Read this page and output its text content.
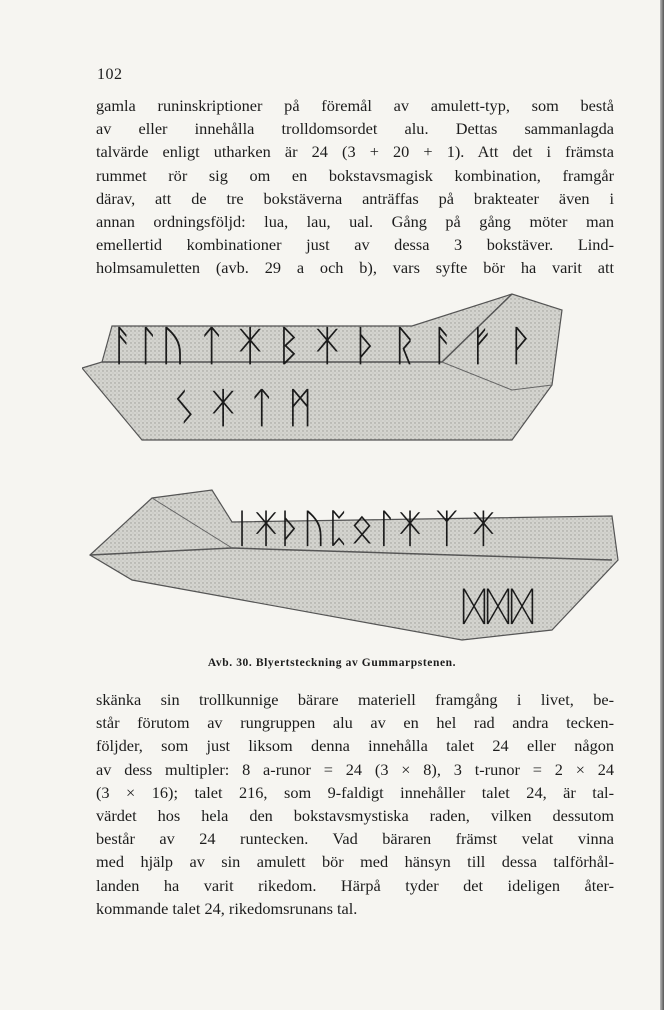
102
gamla runinskriptioner på föremål av amulett-typ, som bestå
av eller innehålla trolldomsordet alu. Dettas sammanlagda
talvärde enligt utharken är 24 (3 + 20 + 1). Att det i främsta
rummet rör sig om en bokstavsmagisk kombination, framgår
därav, att de tre bokstäverna anträffas på brakteater även i
annan ordningsföljd: lua, lau, ual. Gång på gång möter man
emellertid kombinationer just av dessa 3 bokstäver. Lind-
holmsamuletten (avb. 29 a och b), vars syfte bör ha varit att
ᚨᛚᚢ ᛏ ᛡ ᛒ ᛡ ᚦ ᚱ ᚨ ᚠ ᚹ
ᛊ ᛡ ᛏ ᛗ
ᛁᛡᚦᚢᛈᛟᛚᛡ ᛉ ᛡ
ᛞᛞᛞ
Avb. 30. Blyertsteckning av Gummarpstenen.
skänka sin trollkunnige bärare materiell framgång i livet, be-
står förutom av rungruppen alu av en hel rad andra tecken-
följder, som just liksom denna innehålla talet 24 eller någon
av dess multipler: 8 a-runor = 24 (3 × 8), 3 t-runor = 2 × 24
(3 × 16); talet 216, som 9-faldigt innehåller talet 24, är tal-
värdet hos hela den bokstavsmystiska raden, vilken dessutom
består av 24 runtecken. Vad bäraren främst velat vinna
med hjälp av sin amulett bör med hänsyn till dessa talförhål-
landen ha varit rikedom. Härpå tyder det ideligen åter-
kommande talet 24, rikedomsrunans tal.
